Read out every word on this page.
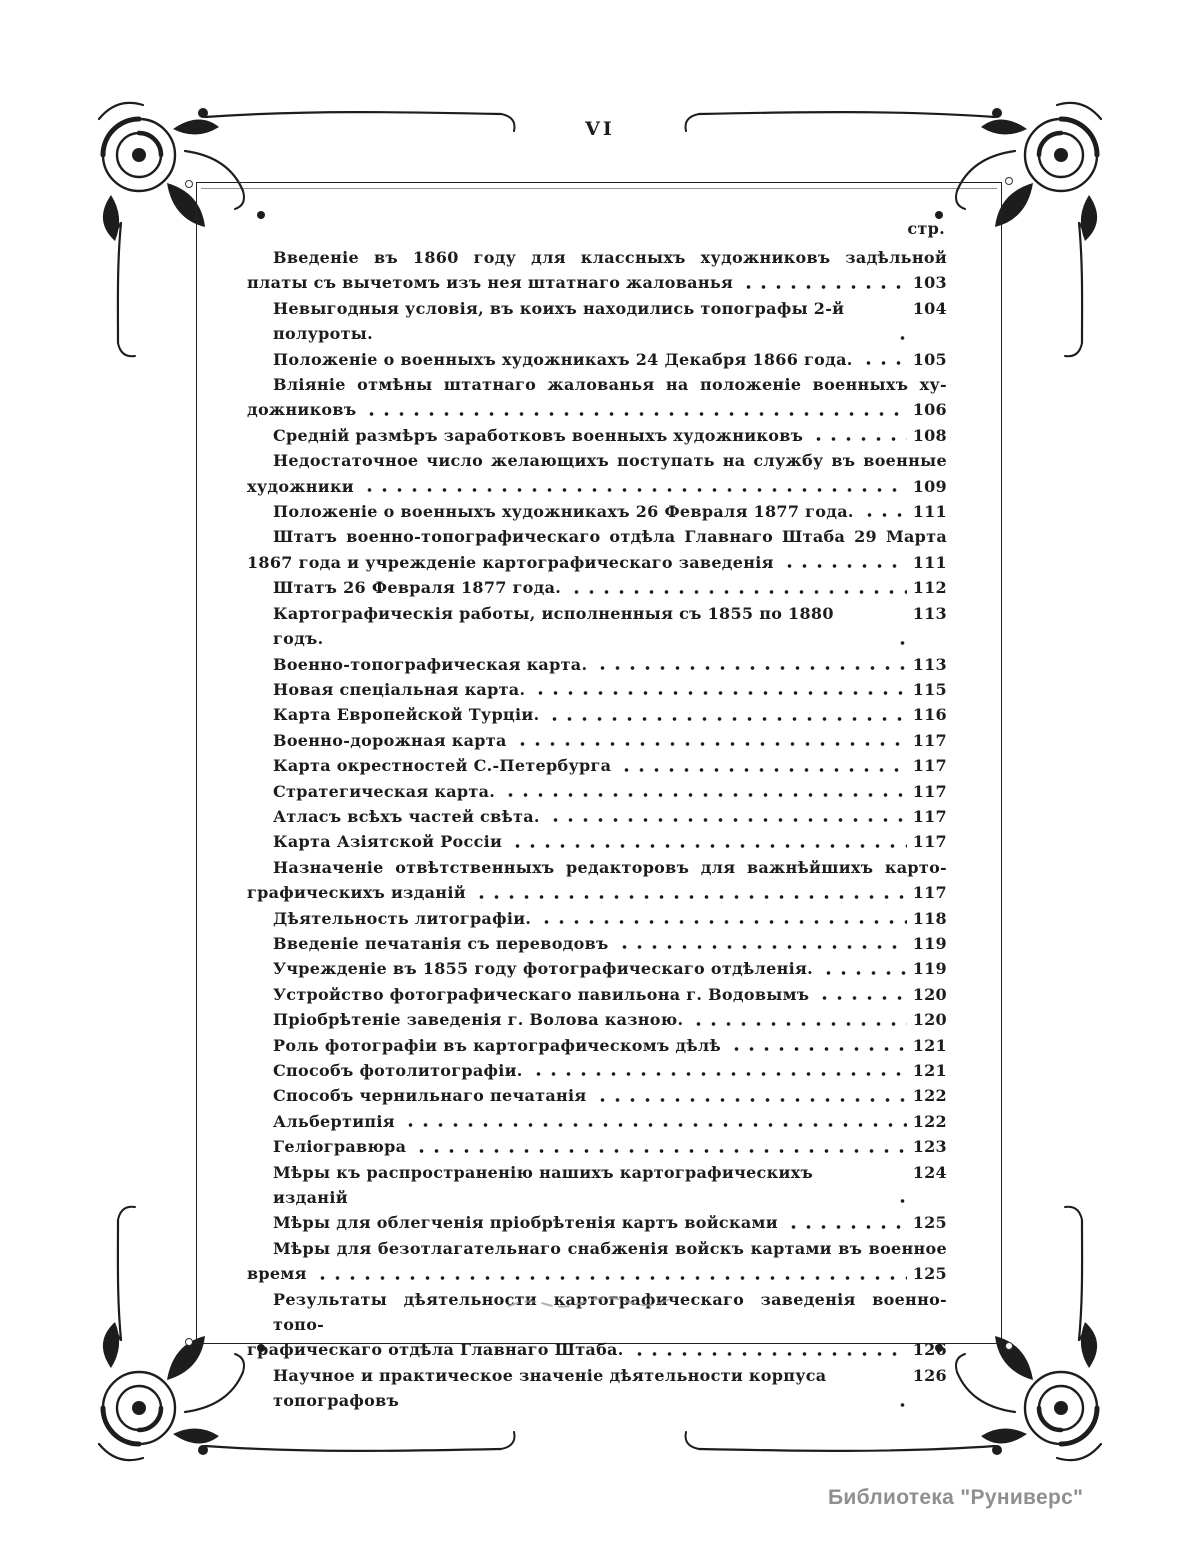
VI
стр.
Введеніе въ 1860 году для классныхъ художниковъ задѣльной
платы съ вычетомъ изъ нея штатнаго жалованья	103
Невыгодныя условія, въ коихъ находились топографы 2-й полуроты.
104
Положеніе о военныхъ художникахъ 24 Декабря 1866 года.	105
Вліяніе отмѣны штатнаго жалованья на положеніе военныхъ ху-
дожниковъ	106
Средній размѣръ заработковъ военныхъ художниковъ	108
Недостаточное число желающихъ поступать на службу въ военные
художники	109
Положеніе о военныхъ художникахъ 26 Февраля 1877 года.	111
Штатъ военно-топографическаго отдѣла Главнаго Штаба 29 Марта
1867 года и учрежденіе картографическаго заведенія	111
Штатъ 26 Февраля 1877 года.	112
Картографическія работы, исполненныя съ 1855 по 1880 годъ.
113
Военно-топографическая карта.	113
Новая спеціальная карта.	115
Карта Европейской Турціи.	116
Военно-дорожная карта	117
Карта окрестностей С.-Петербурга	117
Стратегическая карта.	117
Атласъ всѣхъ частей свѣта.	117
Карта Азіятской Россіи	117
Назначеніе отвѣтственныхъ редакторовъ для важнѣйшихъ карто-
графическихъ изданій	117
Дѣятельность литографіи.	118
Введеніе печатанія съ переводовъ	119
Учрежденіе въ 1855 году фотографическаго отдѣленія.	119
Устройство фотографическаго павильона г. Водовымъ	120
Пріобрѣтеніе заведенія г. Волова казною.	120
Роль фотографіи въ картографическомъ дѣлѣ	121
Способъ фотолитографіи.	121
Способъ чернильнаго печатанія	122
Альбертипія	122
Геліогравюра	123
Мѣры къ распространенію нашихъ картографическихъ изданій
124
Мѣры для облегченія пріобрѣтенія картъ войсками	125
Мѣры для безотлагательнаго снабженія войскъ картами въ военное
время	125
Результаты дѣятельности картографическаго заведенія военно-топо-
графическаго отдѣла Главнаго Штаба.	126
Научное и практическое значеніе дѣятельности корпуса топографовъ
126
Библиотека "Руниверс"
